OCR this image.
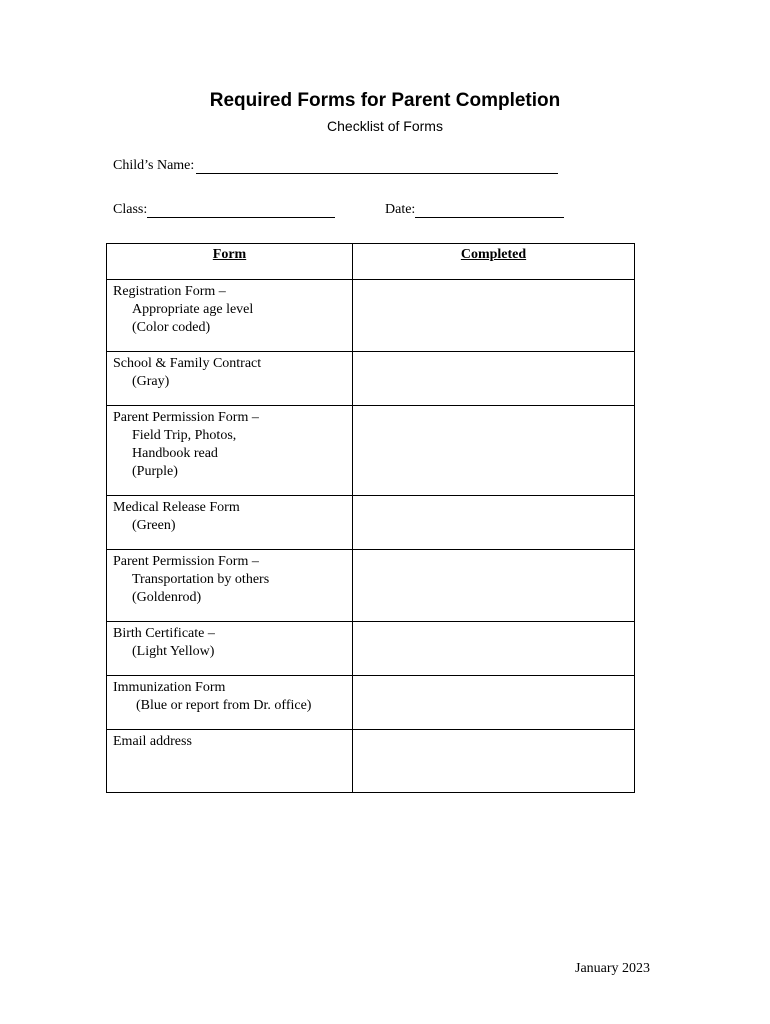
Required Forms for Parent Completion
Checklist of Forms
Child’s Name:
Class:	Date:
Form	Completed

Registration Form –
Appropriate age level
(Color coded)	

School & Family Contract
(Gray)	

Parent Permission Form –
Field Trip, Photos,
Handbook read
(Purple)	

Medical Release Form
(Green)	

Parent Permission Form –
Transportation by others
(Goldenrod)	

Birth Certificate –
(Light Yellow)	

Immunization Form
(Blue or report from Dr. office)	

Email address	

January 2023
